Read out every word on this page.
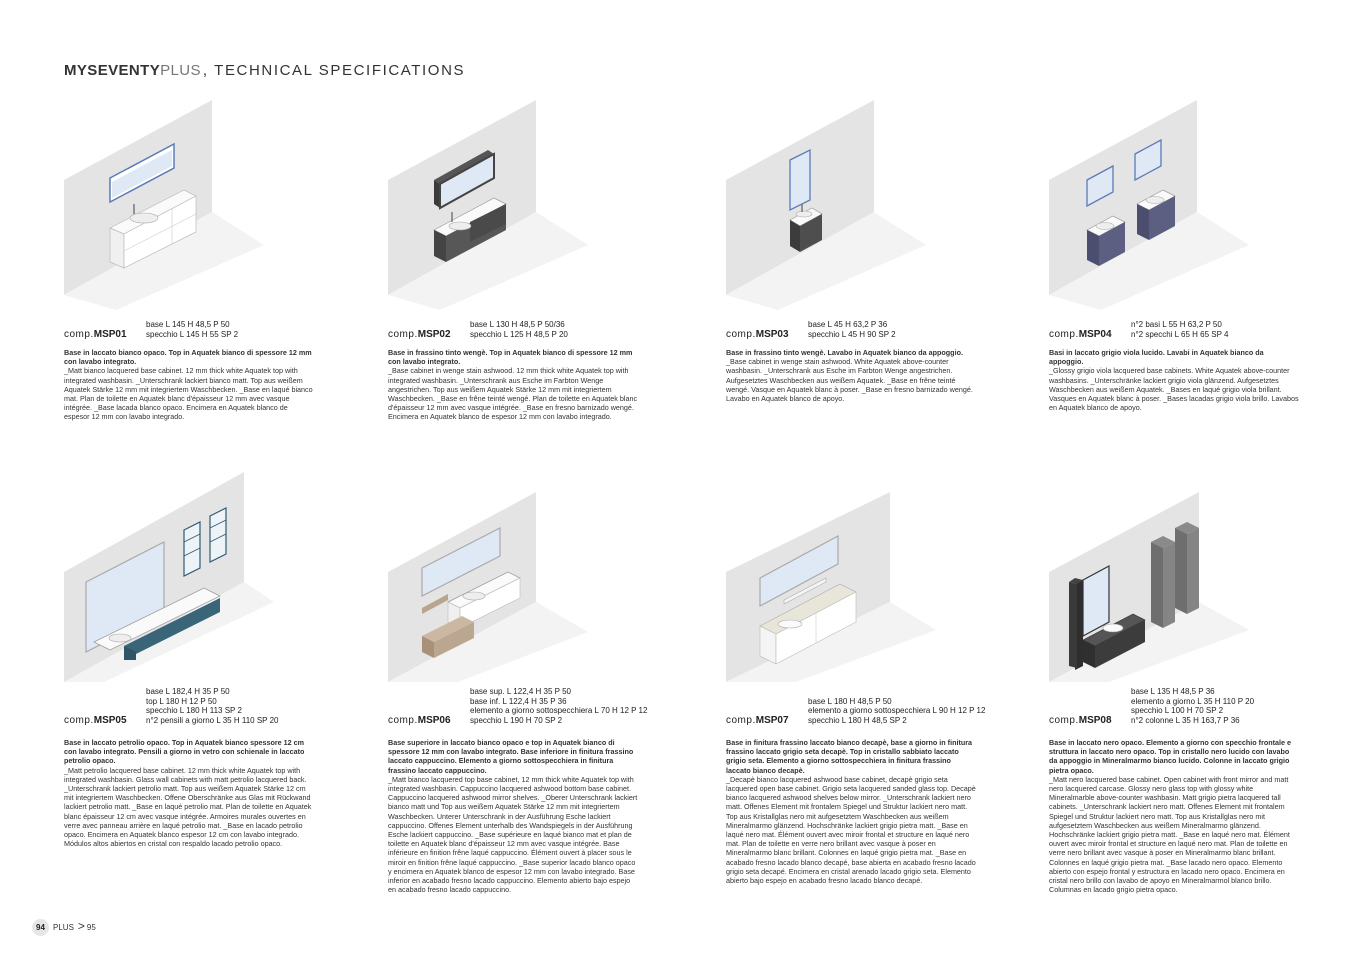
MYSEVENTYPLUS , TECHNICAL SPECIFICATIONS
comp.MSP01
base L 145 H 48,5 P 50
specchio L 145 H 55 SP 2
Base in laccato bianco opaco. Top in Aquatek bianco di spessore 12 mm con lavabo integrato.
_Matt bianco lacquered base cabinet. 12 mm thick white Aquatek top with integrated washbasin. _Unterschrank lackiert bianco matt. Top aus weißem Aquatek Stärke 12 mm mit integriertem Waschbecken. _Base en laqué bianco mat. Plan de toilette en Aquatek blanc d'épaisseur 12 mm avec vasque intégrée. _Base lacada blanco opaco. Encimera en Aquatek blanco de espesor 12 mm con lavabo integrado.
comp.MSP02
base L 130 H 48,5 P 50/36
specchio L 125 H 48,5 P 20
Base in frassino tinto wengè. Top in Aquatek bianco di spessore 12 mm con lavabo integrato.
_Base cabinet in wenge stain ashwood. 12 mm thick white Aquatek top with integrated washbasin. _Unterschrank aus Esche im Farbton Wenge angestrichen. Top aus weißem Aquatek Stärke 12 mm mit integriertem Waschbecken. _Base en frêne teinté wengé. Plan de toilette en Aquatek blanc d'épaisseur 12 mm avec vasque intégrée. _Base en fresno barnizado wengé. Encimera en Aquatek blanco de espesor 12 mm con lavabo integrado.
comp.MSP03
base L 45 H 63,2 P 36
specchio L 45 H 90 SP 2
Base in frassino tinto wengè. Lavabo in Aquatek bianco da appoggio.
_Base cabinet in wenge stain ashwood. White Aquatek above-counter washbasin. _Unterschrank aus Esche im Farbton Wenge angestrichen. Aufgesetztes Waschbecken aus weißem Aquatek. _Base en frêne teinté wengé. Vasque en Aquatek blanc à poser. _Base en fresno barnizado wengé. Lavabo en Aquatek blanco de apoyo.
comp.MSP04
n°2 basi L 55 H 63,2 P 50
n°2 specchi L 65 H 65 SP 4
Basi in laccato grigio viola lucido. Lavabi in Aquatek bianco da appoggio.
_Glossy grigio viola lacquered base cabinets. White Aquatek above-counter washbasins. _Unterschränke lackiert grigio viola glänzend. Aufgesetztes Waschbecken aus weißem Aquatek. _Bases en laqué grigio viola brillant. Vasques en Aquatek blanc à poser. _Bases lacadas grigio viola brillo. Lavabos en Aquatek blanco de apoyo.
comp.MSP05
base L 182,4 H 35 P 50
top L 180 H 12 P 50
specchio L 180 H 113 SP 2
n°2 pensili a giorno L 35 H 110 SP 20
Base in laccato petrolio opaco. Top in Aquatek bianco spessore 12 cm con lavabo integrato. Pensili a giorno in vetro con schienale in laccato petrolio opaco.
_Matt petrolio lacquered base cabinet. 12 mm thick white Aquatek top with integrated washbasin. Glass wall cabinets with matt petrolio lacquered back. _Unterschrank lackiert petrolio matt. Top aus weißem Aquatek Stärke 12 cm mit integriertem Waschbecken. Offene Oberschränke aus Glas mit Rückwand lackiert petrolio matt. _Base en laqué petrolio mat. Plan de toilette en Aquatek blanc épaisseur 12 cm avec vasque intégrée. Armoires murales ouvertes en verre avec panneau arrière en laqué petrolio mat. _Base en lacado petrolio opaco. Encimera en Aquatek blanco espesor 12 cm con lavabo integrado. Módulos altos abiertos en cristal con respaldo lacado petrolio opaco.
comp.MSP06
base sup. L 122,4 H 35 P 50
base inf. L 122,4 H 35 P 36
elemento a giorno sottospecchiera L 70 H 12 P 12
specchio L 190 H 70 SP 2
Base superiore in laccato bianco opaco e top in Aquatek bianco di spessore 12 mm con lavabo integrato. Base inferiore in finitura frassino laccato cappuccino. Elemento a giorno sottospecchiera in finitura frassino laccato cappuccino.
_Matt bianco lacquered top base cabinet, 12 mm thick white Aquatek top with integrated washbasin. Cappuccino lacquered ashwood bottom base cabinet. Cappuccino lacquered ashwood mirror shelves. _Oberer Unterschrank lackiert bianco matt und Top aus weißem Aquatek Stärke 12 mm mit integriertem Waschbecken. Unterer Unterschrank in der Ausführung Esche lackiert cappuccino. Offenes Element unterhalb des Wandspiegels in der Ausführung Esche lackiert cappuccino. _Base supérieure en laqué bianco mat et plan de toilette en Aquatek blanc d'épaisseur 12 mm avec vasque intégrée. Base inférieure en finition frêne laqué cappuccino. Élément ouvert à placer sous le miroir en finition frêne laqué cappuccino. _Base superior lacado blanco opaco y encimera en Aquatek blanco de espesor 12 mm con lavabo integrado. Base inferior en acabado fresno lacado cappuccino. Elemento abierto bajo espejo en acabado fresno lacado cappuccino.
comp.MSP07
base L 180 H 48,5 P 50
elemento a giorno sottospecchiera L 90 H 12 P 12
specchio L 180 H 48,5 SP 2
Base in finitura frassino laccato bianco decapè, base a giorno in finitura frassino laccato grigio seta decapè. Top in cristallo sabbiato laccato grigio seta. Elemento a giorno sottospecchiera in finitura frassino laccato bianco decapè.
_Decapè bianco lacquered ashwood base cabinet, decapè grigio seta lacquered open base cabinet. Grigio seta lacquered sanded glass top. Decapè bianco lacquered ashwood shelves below mirror. _Unterschrank lackiert nero matt. Offenes Element mit frontalem Spiegel und Struktur lackiert nero matt. Top aus Kristallglas nero mit aufgesetztem Waschbecken aus weißem Mineralmarmo glänzend. Hochschränke lackiert grigio pietra matt. _Base en laqué nero mat. Élément ouvert avec miroir frontal et structure en laqué nero mat. Plan de toilette en verre nero brillant avec vasque à poser en Mineralmarmo blanc brillant. Colonnes en laqué grigio pietra mat. _Base en acabado fresno lacado blanco decapé, base abierta en acabado fresno lacado grigio seta decapé. Encimera en cristal arenado lacado grigio seta. Elemento abierto bajo espejo en acabado fresno lacado blanco decapé.
comp.MSP08
base L 135 H 48,5 P 36
elemento a giorno L 35 H 110 P 20
specchio L 100 H 70 SP 2
n°2 colonne L 35 H 163,7 P 36
Base in laccato nero opaco. Elemento a giorno con specchio frontale e struttura in laccato nero opaco. Top in cristallo nero lucido con lavabo da appoggio in Mineralmarmo bianco lucido. Colonne in laccato grigio pietra opaco.
_Matt nero lacquered base cabinet. Open cabinet with front mirror and matt nero lacquered carcase. Glossy nero glass top with glossy white Mineralmarble above-counter washbasin. Matt grigio pietra lacquered tall cabinets. _Unterschrank lackiert nero matt. Offenes Element mit frontalem Spiegel und Struktur lackiert nero matt. Top aus Kristallglas nero mit aufgesetztem Waschbecken aus weißem Mineralmarmo glänzend. Hochschränke lackiert grigio pietra matt. _Base en laqué nero mat. Élément ouvert avec miroir frontal et structure en laqué nero mat. Plan de toilette en verre nero brillant avec vasque à poser en Mineralmarmo blanc brillant. Colonnes en laqué grigio pietra mat. _Base lacado nero opaco. Elemento abierto con espejo frontal y estructura en lacado nero opaco. Encimera en cristal nero brillo con lavabo de apoyo en Mineralmarmol blanco brillo. Columnas en lacado grigio pietra opaco.
94 PLUS > 95
